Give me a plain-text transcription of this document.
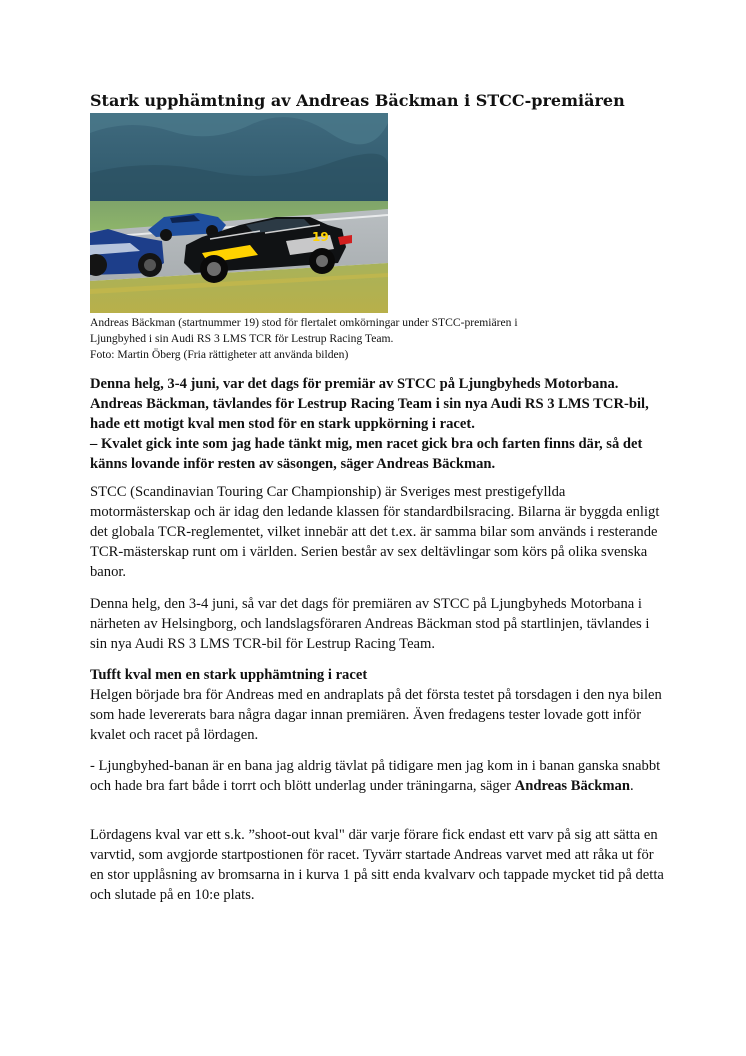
Stark upphämtning av Andreas Bäckman i STCC-premiären
19

Andreas Bäckman (startnummer 19) stod för flertalet omkörningar under STCC-premiären i

Ljungbyhed i sin Audi RS 3 LMS TCR för Lestrup Racing Team.

Foto: Martin Öberg (Fria rättigheter att använda bilden)

Denna helg, 3-4 juni, var det dags för premiär av STCC på Ljungbyheds Motorbana. Andreas Bäckman, tävlandes för Lestrup Racing Team i sin nya Audi RS 3 LMS TCR-bil, hade ett motigt kval men stod för en stark uppkörning i racet.

– Kvalet gick inte som jag hade tänkt mig, men racet gick bra och farten finns där, så det känns lovande inför resten av säsongen, säger Andreas Bäckman.

STCC (Scandinavian Touring Car Championship) är Sveriges mest prestigefyllda motormästerskap och är idag den ledande klassen för standardbilsracing. Bilarna är byggda enligt det globala TCR-reglementet, vilket innebär att det t.ex. är samma bilar som används i resterande TCR-mästerskap runt om i världen. Serien består av sex deltävlingar som körs på olika svenska banor.

Denna helg, den 3-4 juni, så var det dags för premiären av STCC på Ljungbyheds Motorbana i närheten av Helsingborg, och landslagsföraren Andreas Bäckman stod på startlinjen, tävlandes i sin nya Audi RS 3 LMS TCR-bil för Lestrup Racing Team.

Tufft kval men en stark upphämtning i racet
Helgen började bra för Andreas med en andraplats på det första testet på torsdagen i den nya bilen som hade levererats bara några dagar innan premiären. Även fredagens tester lovade gott inför kvalet och racet på lördagen.

- Ljungbyhed-banan är en bana jag aldrig tävlat på tidigare men jag kom in i banan ganska snabbt och hade bra fart både i torrt och blött underlag under träningarna, säger Andreas Bäckman.

Lördagens kval var ett s.k. ”shoot-out kval" där varje förare fick endast ett varv på sig att sätta en varvtid, som avgjorde startpostionen för racet. Tyvärr startade Andreas varvet med att råka ut för en stor upplåsning av bromsarna in i kurva 1 på sitt enda kvalvarv och tappade mycket tid på detta och slutade på en 10:e plats.
